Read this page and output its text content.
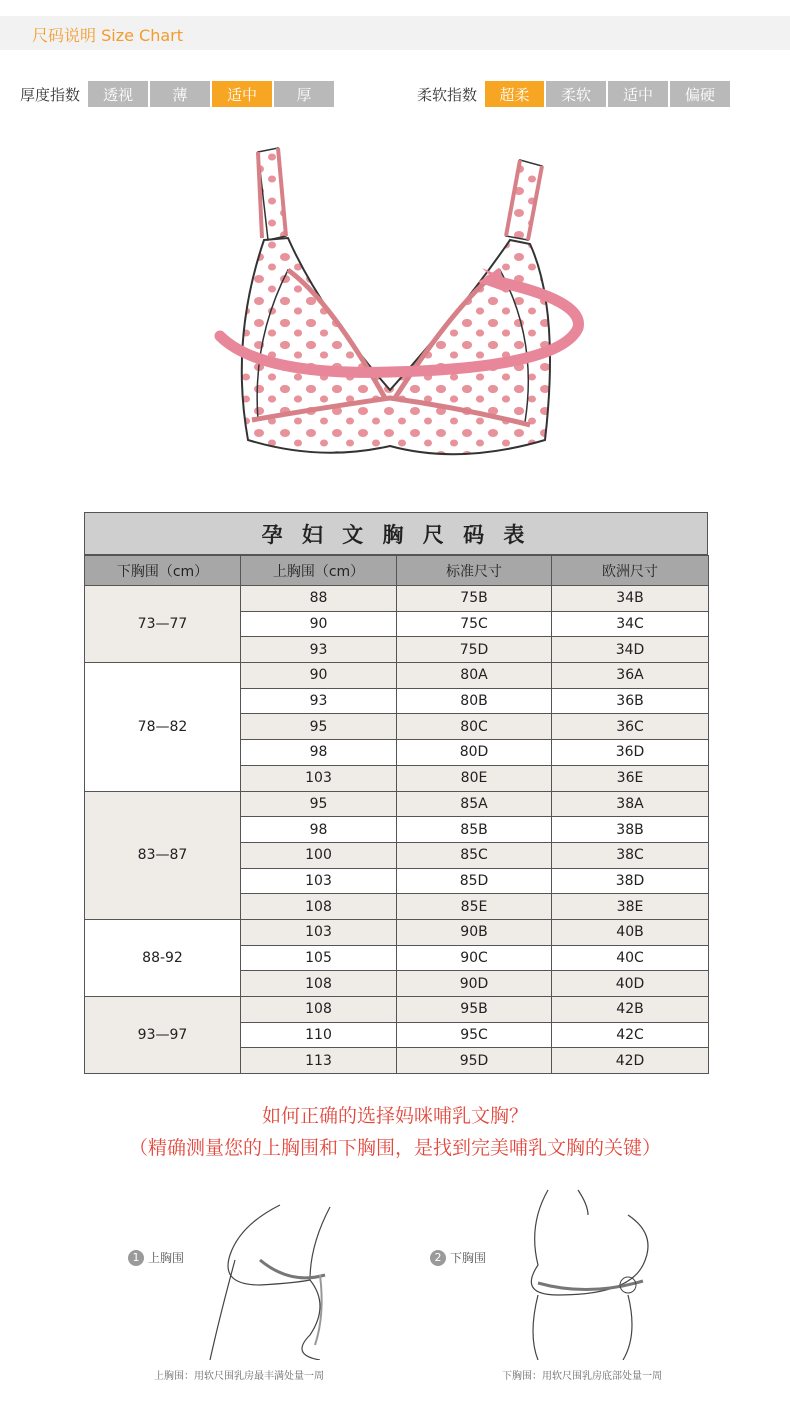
尺码说明 Size Chart
厚度指数	透视	薄	适中	厚	柔软指数	超柔	柔软	适中	偏硬
孕 妇 文 胸 尺 码 表
下胸围（cm）	上胸围（cm）	标准尺寸	欧洲尺寸
73—77	88	75B	34B
	90	75C	34C
	93	75D	34D
78—82	90	80A	36A
	93	80B	36B
	95	80C	36C
	98	80D	36D
	103	80E	36E
83—87	95	85A	38A
	98	85B	38B
	100	85C	38C
	103	85D	38D
	108	85E	38E
88-92	103	90B	40B
	105	90C	40C
	108	90D	40D
93—97	108	95B	42B
	110	95C	42C
	113	95D	42D
如何正确的选择妈咪哺乳文胸？
（精确测量您的上胸围和下胸围，是找到完美哺乳文胸的关键）
1 上胸围
上胸围：用软尺围乳房最丰满处量一周
2 下胸围
下胸围：用软尺围乳房底部处量一周
